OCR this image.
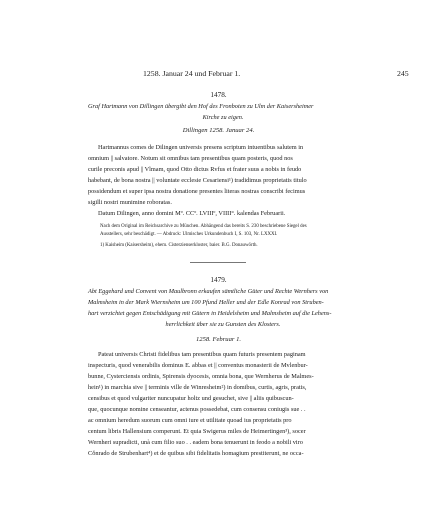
1258. Januar 24 und Februar 1.	245

1478.

Graf Hartmann von Dillingen übergibt den Hof des Fronboten zu Ulm der Kaisersheimer
Kirche zu eigen.

Dillingen 1258. Januar 24.

Hartmannus comes de Dilingen universis presens scriptum intuentibus salutem in
omnium || salvatore. Notum sit omnibus tam presentibus quam posteris, quod nos
curile preconis apud || Vlmam, quod Otto dictus Rvfus et frater suus a nobis in feudo
habebant, de bona nostra || voluntate ecclesie Cesariensi¹) tradidimus proprietatis titulo
possidendum et super ipsa nostra donatione presentes literas nostras conscribi fecimus
sigilli nostri munimine roboratas.
Datum Dilingen, anno domini Mº. CCº. LVIIIº, VIIII°. kalendas Februarii.
Nach dem Original im Reichsarchive zu München. Abhängend das bereits S. 230 beschriebene Siegel des
Ausstellers, sehr beschädigt. — Abdruck: Ulmisches Urkundenbuch I, S. 103, Nr. LXXXI.

1) Kaisheim (Kaisersheim), ehem. Cisterzienserkloster, baier. B.G. Donauwörth.

1479.

Abt Eggehard und Convent von Maulbronn erkaufen sämtliche Güter und Rechte Wernhers von
Malmsheim in der Mark Wiernsheim um 100 Pfund Heller und der Edle Konrad von Struben-
hart verzichtet gegen Entschädigung mit Gütern in Heidelsheim und Malmsheim auf die Lehens-
herrlichkeit über sie zu Gunsten des Klosters.

1258. Februar 1.

Pateat universis Christi fidelibus tam presentibus quam futuris presentem paginam
inspecturis, quod venerabilis dominus E. abbas et || conventus monasterii de Mvlenbur-
bunne, Cysterciensis ordinis, Spirensis dyocesis, omnia bona, que Wernherus de Malmes-
hein¹) in marchia sive || terminis ville de Winresheim²) in domibus, curtis, agris, pratis,
censibus et quod vulgariter nuncupatur holtz und gesuchet, sive || aliis quibuscun-
que, quocunque nomine censeantur, actenus possedebat, cum consensu coniugis sue . .
ac omnium heredum suorum cum omni iure et utilitate quoad ius proprietatis pro
centum libris Hallensium comperunt. Et quia Swigerus miles de Heimertingen³), socer
Wernheri supradicti, unà cum filio suo . . eadem bona tenuerunt in feodo a nobili viro
Cŏnrado de Strubenhart⁴) et de quibus sibi fidelitatis homagium prestiterunt, ne occa-
